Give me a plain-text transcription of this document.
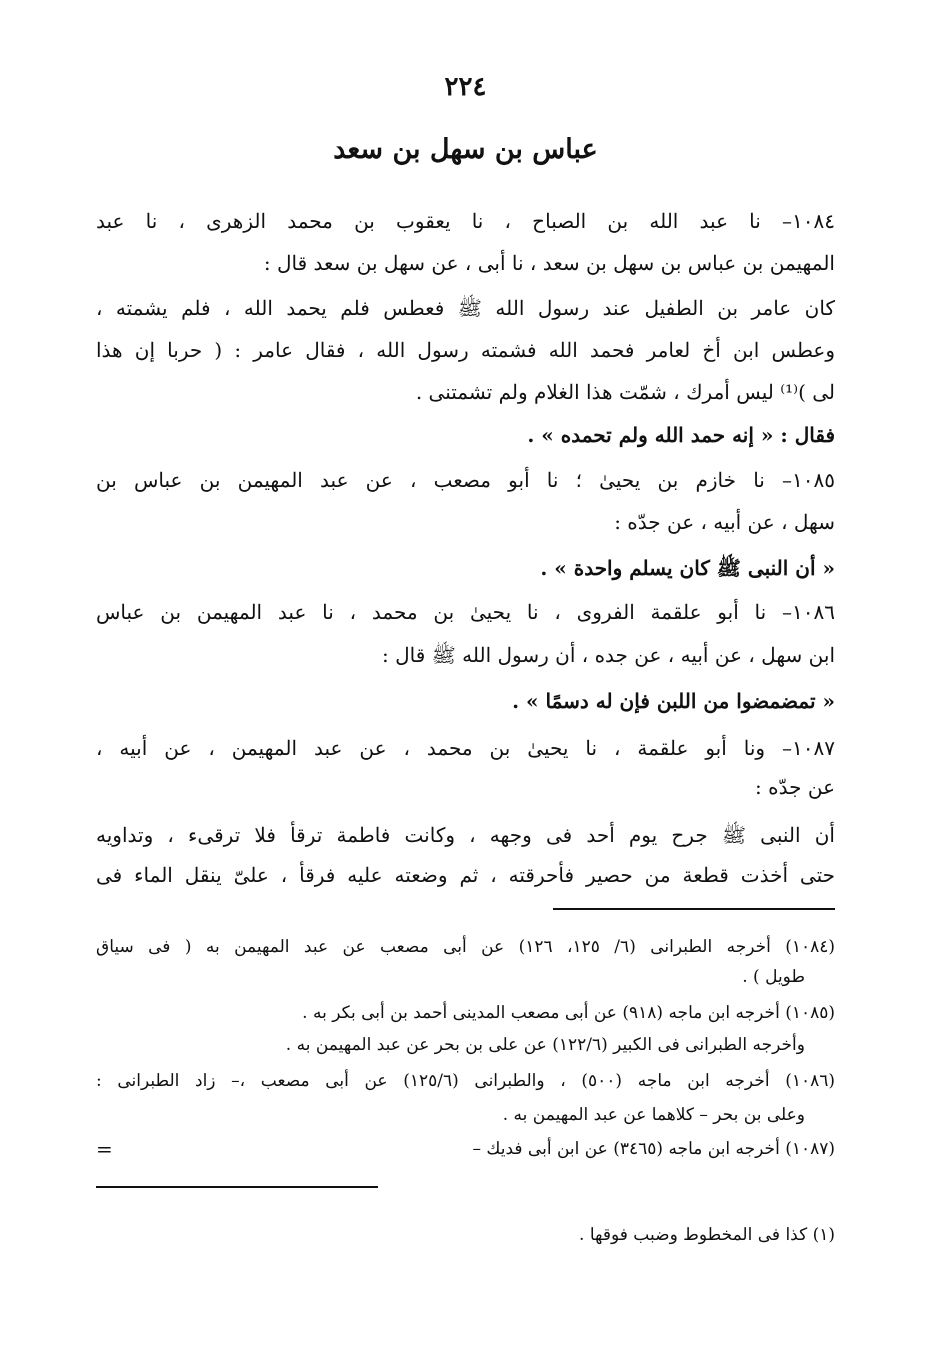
٢٢٤
عباس بن سهل بن سعد
١٠٨٤– نا عبد الله بن الصباح ، نا يعقوب بن محمد الزهرى ، نا عبد
المهيمن بن عباس بن سهل بن سعد ، نا أبى ، عن سهل بن سعد قال :
كان عامر بن الطفيل عند رسول الله ﷺ فعطس فلم يحمد الله ، فلم يشمته ،
وعطس ابن أخ لعامر فحمد الله فشمته رسول الله ، فقال عامر : ( حربا إن هذا
لى )⁽¹⁾ ليس أمرك ، شمّت هذا الغلام ولم تشمتنى .
فقال : « إنه حمد الله ولم تحمده » .
١٠٨٥– نا خازم بن يحيىٰ ؛ نا أبو مصعب ، عن عبد المهيمن بن عباس بن
سهل ، عن أبيه ، عن جدّه :
« أن النبى ﷺ كان يسلم واحدة » .
١٠٨٦– نا أبو علقمة الفروى ، نا يحيىٰ بن محمد ، نا عبد المهيمن بن عباس
ابن سهل ، عن أبيه ، عن جده ، أن رسول الله ﷺ قال :
« تمضمضوا من اللبن فإن له دسمًا » .
١٠٨٧– ونا أبو علقمة ، نا يحيىٰ بن محمد ، عن عبد المهيمن ، عن أبيه ،
عن جدّه :
أن النبى ﷺ جرح يوم أحد فى وجهه ، وكانت فاطمة ترقأ فلا ترقىء ، وتداويه
حتى أخذت قطعة من حصير فأحرقته ، ثم وضعته عليه فرقأ ، علىّ ينقل الماء فى
(١٠٨٤) أخرجه الطبرانى (٦/ ١٢٥، ١٢٦) عن أبى مصعب عن عبد المهيمن به ( فى سياق
طويل ) .
(١٠٨٥) أخرجه ابن ماجه (٩١٨) عن أبى مصعب المدينى أحمد بن أبى بكر به .
وأخرجه الطبرانى فى الكبير (١٢٢/٦) عن على بن بحر عن عبد المهيمن به .
(١٠٨٦) أخرجه ابن ماجه (٥٠٠) ، والطبرانى (١٢٥/٦) عن أبى مصعب ،– زاد الطبرانى :
وعلى بن بحر – كلاهما عن عبد المهيمن به .
(١٠٨٧) أخرجه ابن ماجه (٣٤٦٥) عن ابن أبى فديك –
=
(١) كذا فى المخطوط وضبب فوقها .
